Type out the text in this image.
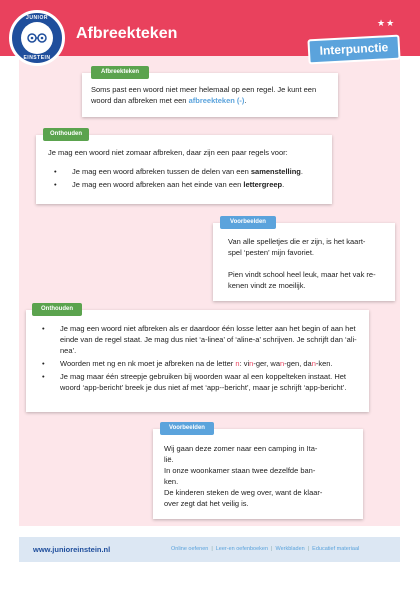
Afbreekteken
★★
JUNIOR
EINSTEIN
Interpunctie
Afbreekteken

Soms past een woord niet meer helemaal op een regel. Je kunt een woord dan afbreken met een afbreekteken (-).

Onthouden

Je mag een woord niet zomaar afbreken, daar zijn een paar regels voor:

• Je mag een woord afbreken tussen de delen van een samenstelling.
• Je mag een woord afbreken aan het einde van een lettergreep.
Voorbeelden
Van alle spelletjes die er zijn, is het kaart-
spel ‘pesten’ mijn favoriet.
Pien vindt school heel leuk, maar het vak re-
kenen vindt ze moeilijk.
Onthouden
• Je mag een woord niet afbreken als er daardoor één losse letter aan het begin of aan het einde van de regel staat. Je mag dus niet ‘a-linea’ of ‘aline-a’ schrijven. Je schrijft dan ‘ali-nea’.
• Woorden met ng en nk moet je afbreken na de letter n: vin-ger, wan-gen, dan-ken.
• Je mag maar één streepje gebruiken bij woorden waar al een koppelteken instaat. Het woord ‘app-bericht’ breek je dus niet af met ‘app--bericht’, maar je schrijft ‘app-bericht’.
Voorbeelden
Wij gaan deze zomer naar een camping in Ita-
lië.
In onze woonkamer staan twee dezelfde ban-
ken.
De kinderen steken de weg over, want de klaar-
over zegt dat het veilig is.
www.junioreinstein.nl	Online oefenen | Leer-en oefenboeken | Werkbladen | Educatief materiaal
